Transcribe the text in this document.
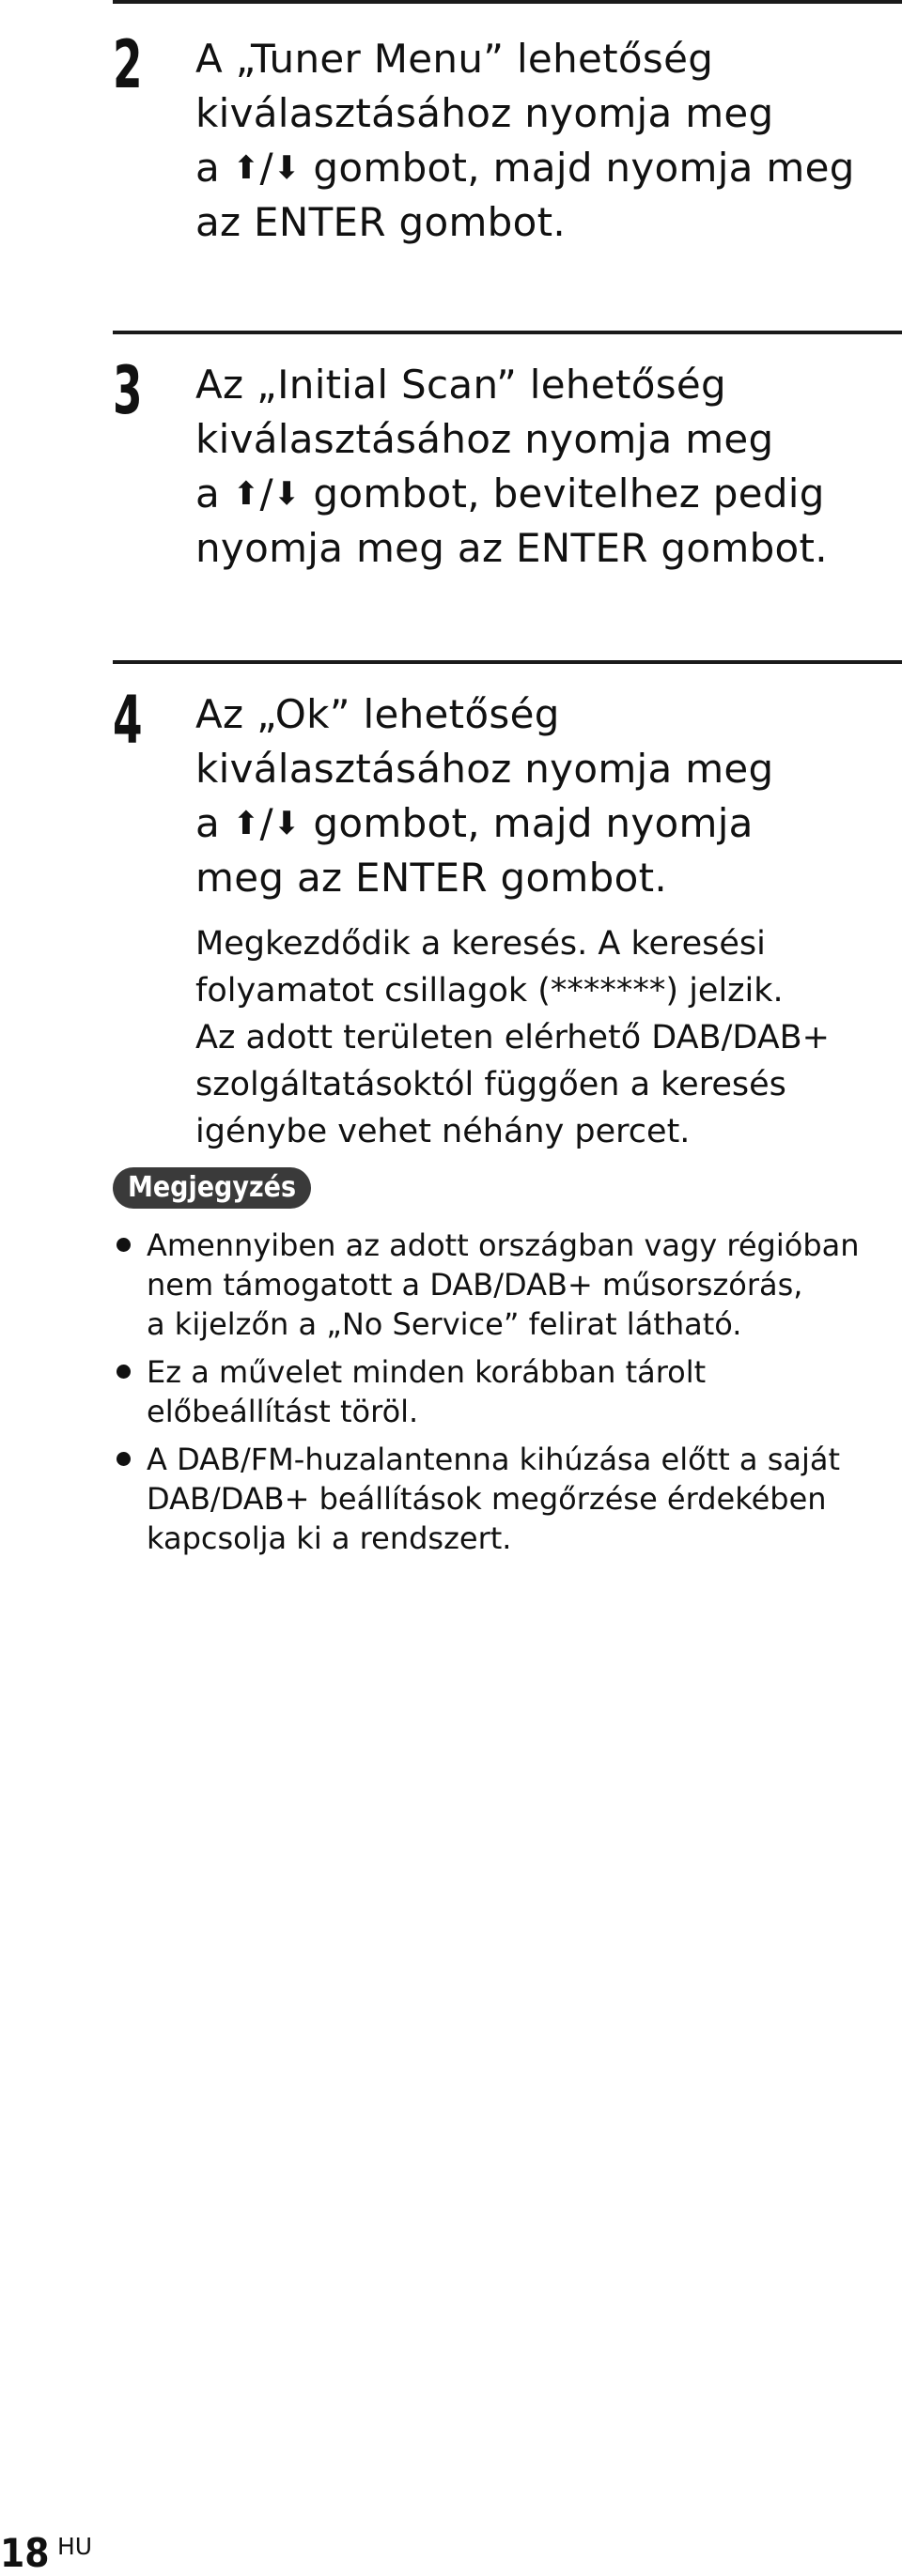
2	A „Tuner Menu” lehetőség
kiválasztásához nyomja meg
a ⬆/⬇ gombot, majd nyomja meg
az ENTER gombot.
3	Az „Initial Scan” lehetőség
kiválasztásához nyomja meg
a ⬆/⬇ gombot, bevitelhez pedig
nyomja meg az ENTER gombot.
4	Az „Ok” lehetőség
kiválasztásához nyomja meg
a ⬆/⬇ gombot, majd nyomja
meg az ENTER gombot.
Megkezdődik a keresés. A keresési
folyamatot csillagok (*******) jelzik.
Az adott területen elérhető DAB/DAB+
szolgáltatásoktól függően a keresés
igénybe vehet néhány percet.
Megjegyzés
Amennyiben az adott országban vagy régióban
nem támogatott a DAB/DAB+ műsorszórás,
a kijelzőn a „No Service” felirat látható.
Ez a művelet minden korábban tárolt
előbeállítást töröl.
A DAB/FM-huzalantenna kihúzása előtt a saját
DAB/DAB+ beállítások megőrzése érdekében
kapcsolja ki a rendszert.
18 HU
